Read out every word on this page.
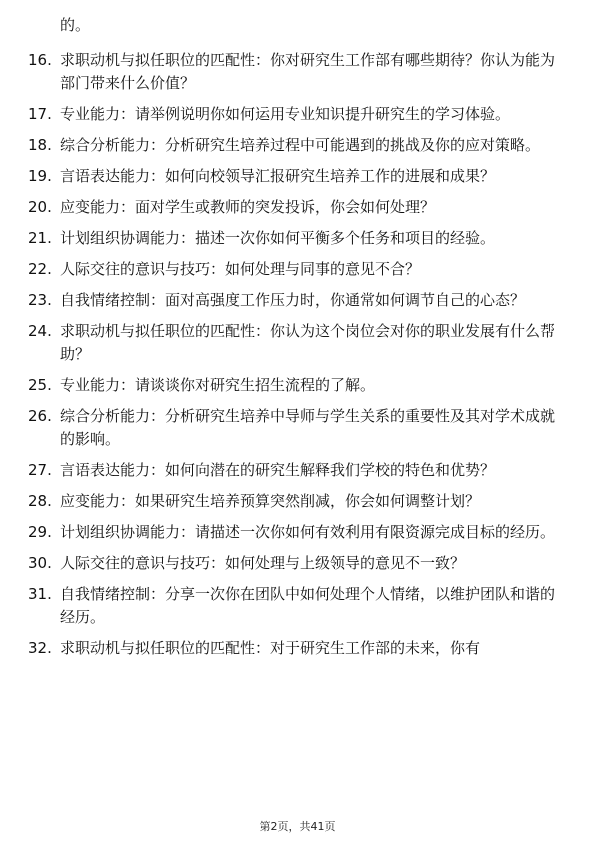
的。
16. 求职动机与拟任职位的匹配性：你对研究生工作部有哪些期待？你认为能为部门带来什么价值？
17. 专业能力：请举例说明你如何运用专业知识提升研究生的学习体验。
18. 综合分析能力：分析研究生培养过程中可能遇到的挑战及你的应对策略。
19. 言语表达能力：如何向校领导汇报研究生培养工作的进展和成果？
20. 应变能力：面对学生或教师的突发投诉，你会如何处理？
21. 计划组织协调能力：描述一次你如何平衡多个任务和项目的经验。
22. 人际交往的意识与技巧：如何处理与同事的意见不合？
23. 自我情绪控制：面对高强度工作压力时，你通常如何调节自己的心态？
24. 求职动机与拟任职位的匹配性：你认为这个岗位会对你的职业发展有什么帮助？
25. 专业能力：请谈谈你对研究生招生流程的了解。
26. 综合分析能力：分析研究生培养中导师与学生关系的重要性及其对学术成就的影响。
27. 言语表达能力：如何向潜在的研究生解释我们学校的特色和优势？
28. 应变能力：如果研究生培养预算突然削减，你会如何调整计划？
29. 计划组织协调能力：请描述一次你如何有效利用有限资源完成目标的经历。
30. 人际交往的意识与技巧：如何处理与上级领导的意见不一致？
31. 自我情绪控制：分享一次你在团队中如何处理个人情绪，以维护团队和谐的经历。
32. 求职动机与拟任职位的匹配性：对于研究生工作部的未来，你有
第2页，共41页
